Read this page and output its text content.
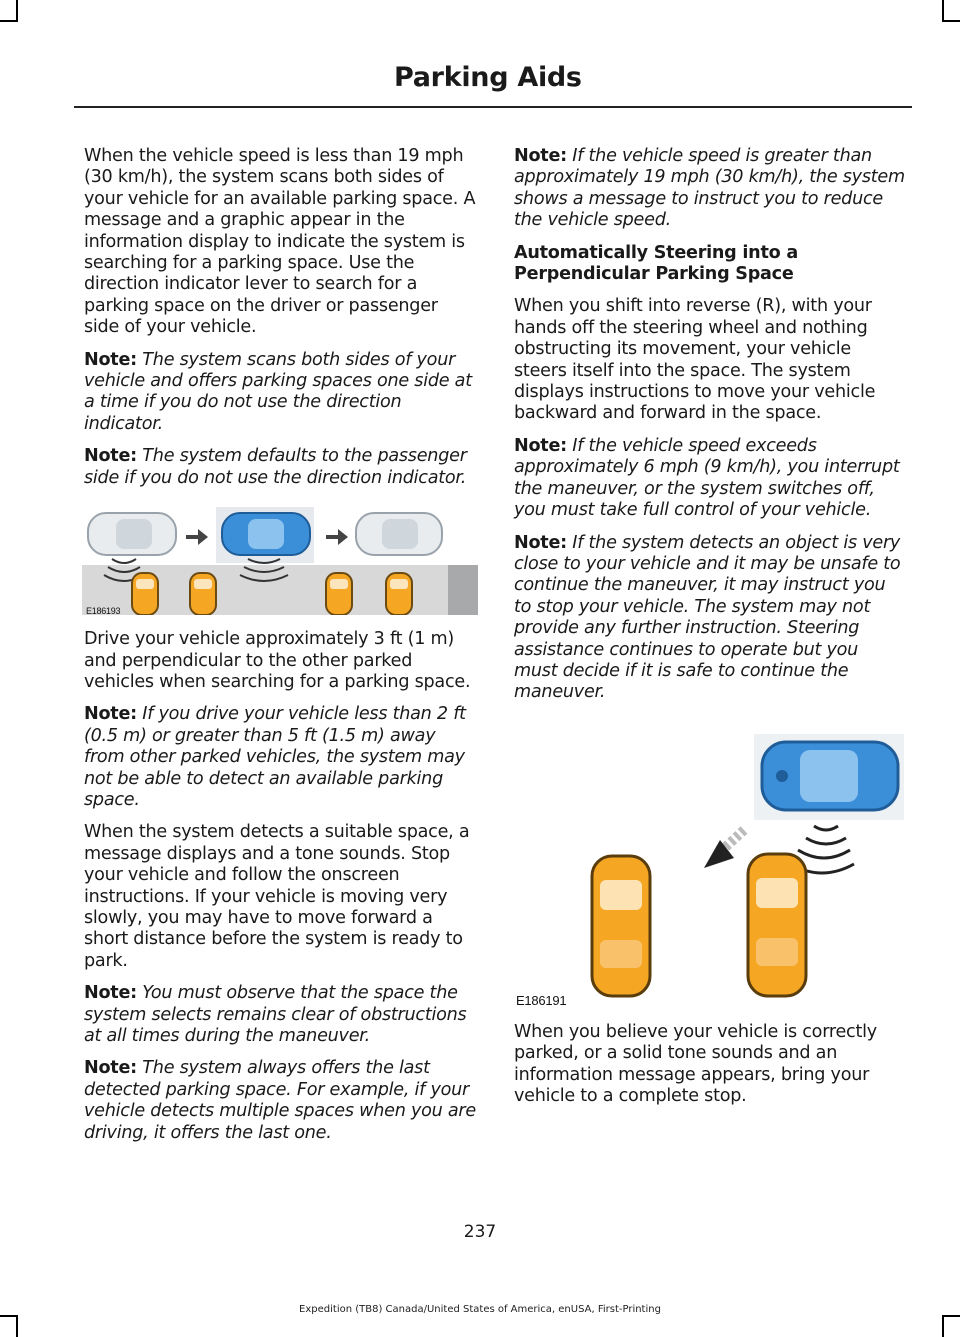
Parking Aids

When the vehicle speed is less than 19 mph (30 km/h), the system scans both sides of your vehicle for an available parking space. A message and a graphic appear in the information display to indicate the system is searching for a parking space. Use the direction indicator lever to search for a parking space on the driver or passenger side of your vehicle.

Note: The system scans both sides of your vehicle and offers parking spaces one side at a time if you do not use the direction indicator.

Note: The system defaults to the passenger side if you do not use the direction indicator.

E186193

Drive your vehicle approximately 3 ft (1 m) and perpendicular to the other parked vehicles when searching for a parking space.

Note: If you drive your vehicle less than 2 ft (0.5 m) or greater than 5 ft (1.5 m) away from other parked vehicles, the system may not be able to detect an available parking space.

When the system detects a suitable space, a message displays and a tone sounds. Stop your vehicle and follow the onscreen instructions. If your vehicle is moving very slowly, you may have to move forward a short distance before the system is ready to park.

Note: You must observe that the space the system selects remains clear of obstructions at all times during the maneuver.

Note: The system always offers the last detected parking space. For example, if your vehicle detects multiple spaces when you are driving, it offers the last one.

Note: If the vehicle speed is greater than approximately 19 mph (30 km/h), the system shows a message to instruct you to reduce the vehicle speed.

Automatically Steering into a Perpendicular Parking Space

When you shift into reverse (R), with your hands off the steering wheel and nothing obstructing its movement, your vehicle steers itself into the space. The system displays instructions to move your vehicle backward and forward in the space.

Note: If the vehicle speed exceeds approximately 6 mph (9 km/h), you interrupt the maneuver, or the system switches off, you must take full control of your vehicle.

Note: If the system detects an object is very close to your vehicle and it may be unsafe to continue the maneuver, it may instruct you to stop your vehicle. The system may not provide any further instruction. Steering assistance continues to operate but you must decide if it is safe to continue the maneuver.

E186191

When you believe your vehicle is correctly parked, or a solid tone sounds and an information message appears, bring your vehicle to a complete stop.

237
Expedition (TB8) Canada/United States of America, enUSA, First-Printing
